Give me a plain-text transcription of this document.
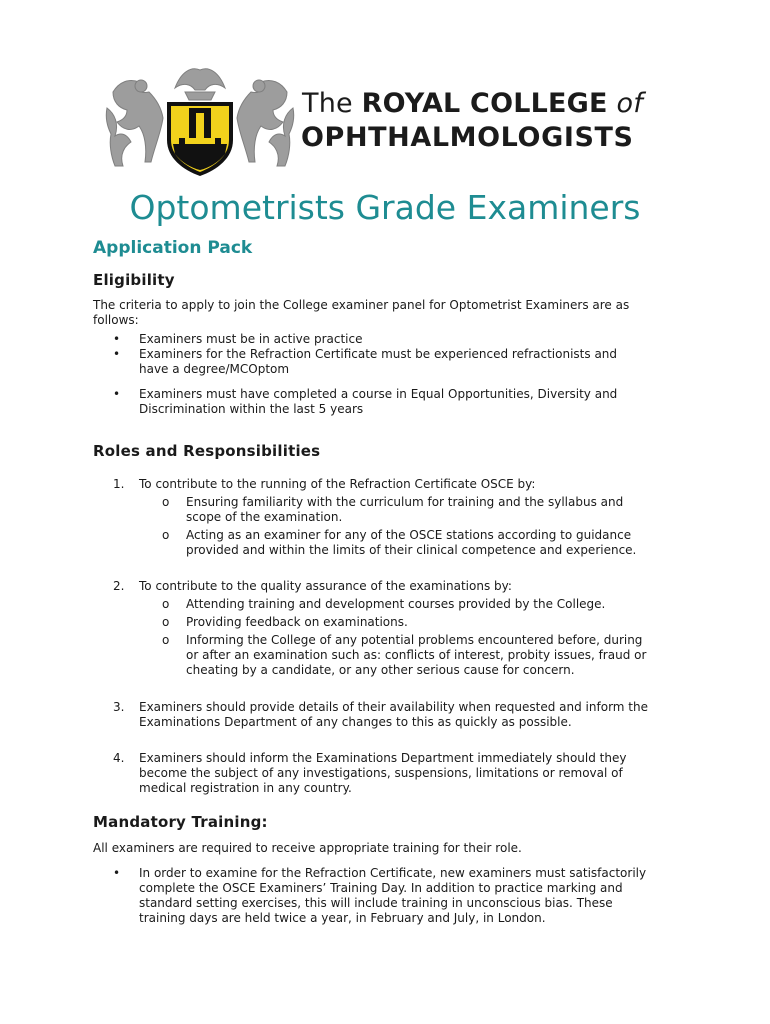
The ROYAL COLLEGE of
OPHTHALMOLOGISTS
Optometrists Grade Examiners
Application Pack
Eligibility
The criteria to apply to join the College examiner panel for Optometrist Examiners are as
follows:
• Examiners must be in active practice
• Examiners for the Refraction Certificate must be experienced refractionists and
have a degree/MCOptom
• Examiners must have completed a course in Equal Opportunities, Diversity and
Discrimination within the last 5 years
Roles and Responsibilities
1. To contribute to the running of the Refraction Certificate OSCE by:
o Ensuring familiarity with the curriculum for training and the syllabus and
scope of the examination.
o Acting as an examiner for any of the OSCE stations according to guidance
provided and within the limits of their clinical competence and experience.
2. To contribute to the quality assurance of the examinations by:
o Attending training and development courses provided by the College.
o Providing feedback on examinations.
o Informing the College of any potential problems encountered before, during
or after an examination such as: conflicts of interest, probity issues, fraud or
cheating by a candidate, or any other serious cause for concern.
3. Examiners should provide details of their availability when requested and inform the
Examinations Department of any changes to this as quickly as possible.
4. Examiners should inform the Examinations Department immediately should they
become the subject of any investigations, suspensions, limitations or removal of
medical registration in any country.
Mandatory Training:
All examiners are required to receive appropriate training for their role.
• In order to examine for the Refraction Certificate, new examiners must satisfactorily
complete the OSCE Examiners’ Training Day. In addition to practice marking and
standard setting exercises, this will include training in unconscious bias. These
training days are held twice a year, in February and July, in London.
